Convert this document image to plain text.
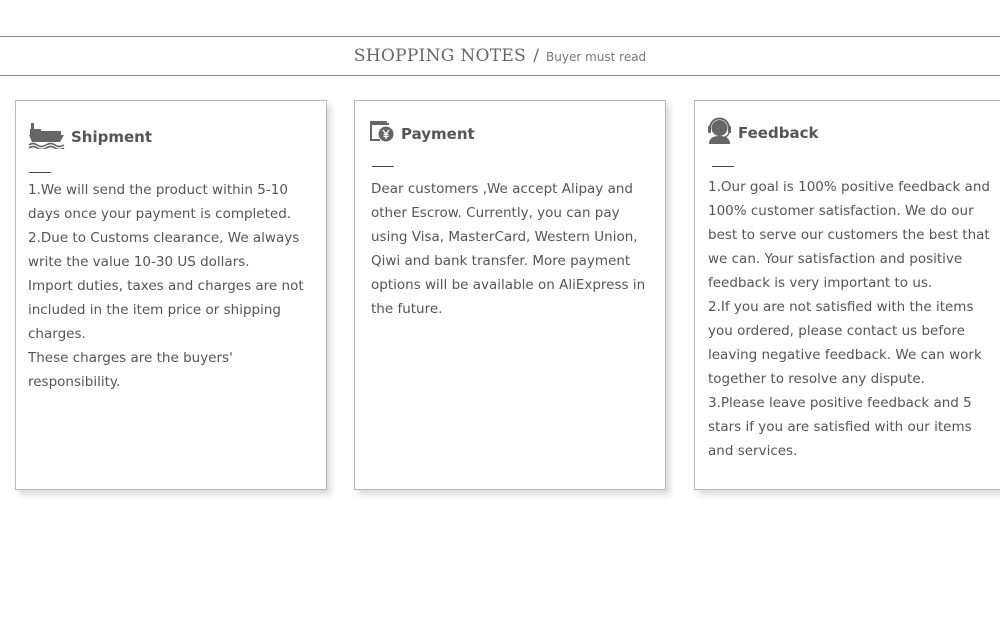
SHOPPING NOTES / Buyer must read
Shipment

1.We will send the product within 5-10 days once your payment is completed.

2.Due to Customs clearance, We always write the value 10-30 US dollars.

Import duties, taxes and charges are not included in the item price or shipping charges.

These charges are the buyers' responsibility.

Payment

Dear customers ,We accept Alipay and other Escrow. Currently, you can pay using Visa, MasterCard, Western Union, Qiwi and bank transfer. More payment options will be available on AliExpress in the future.

Feedback

1.Our goal is 100% positive feedback and 100% customer satisfaction. We do our best to serve our customers the best that we can. Your satisfaction and positive feedback is very important to us.

2.If you are not satisfied with the items you ordered, please contact us before leaving negative feedback. We can work together to resolve any dispute.

3.Please leave positive feedback and 5 stars if you are satisfied with our items and services.
